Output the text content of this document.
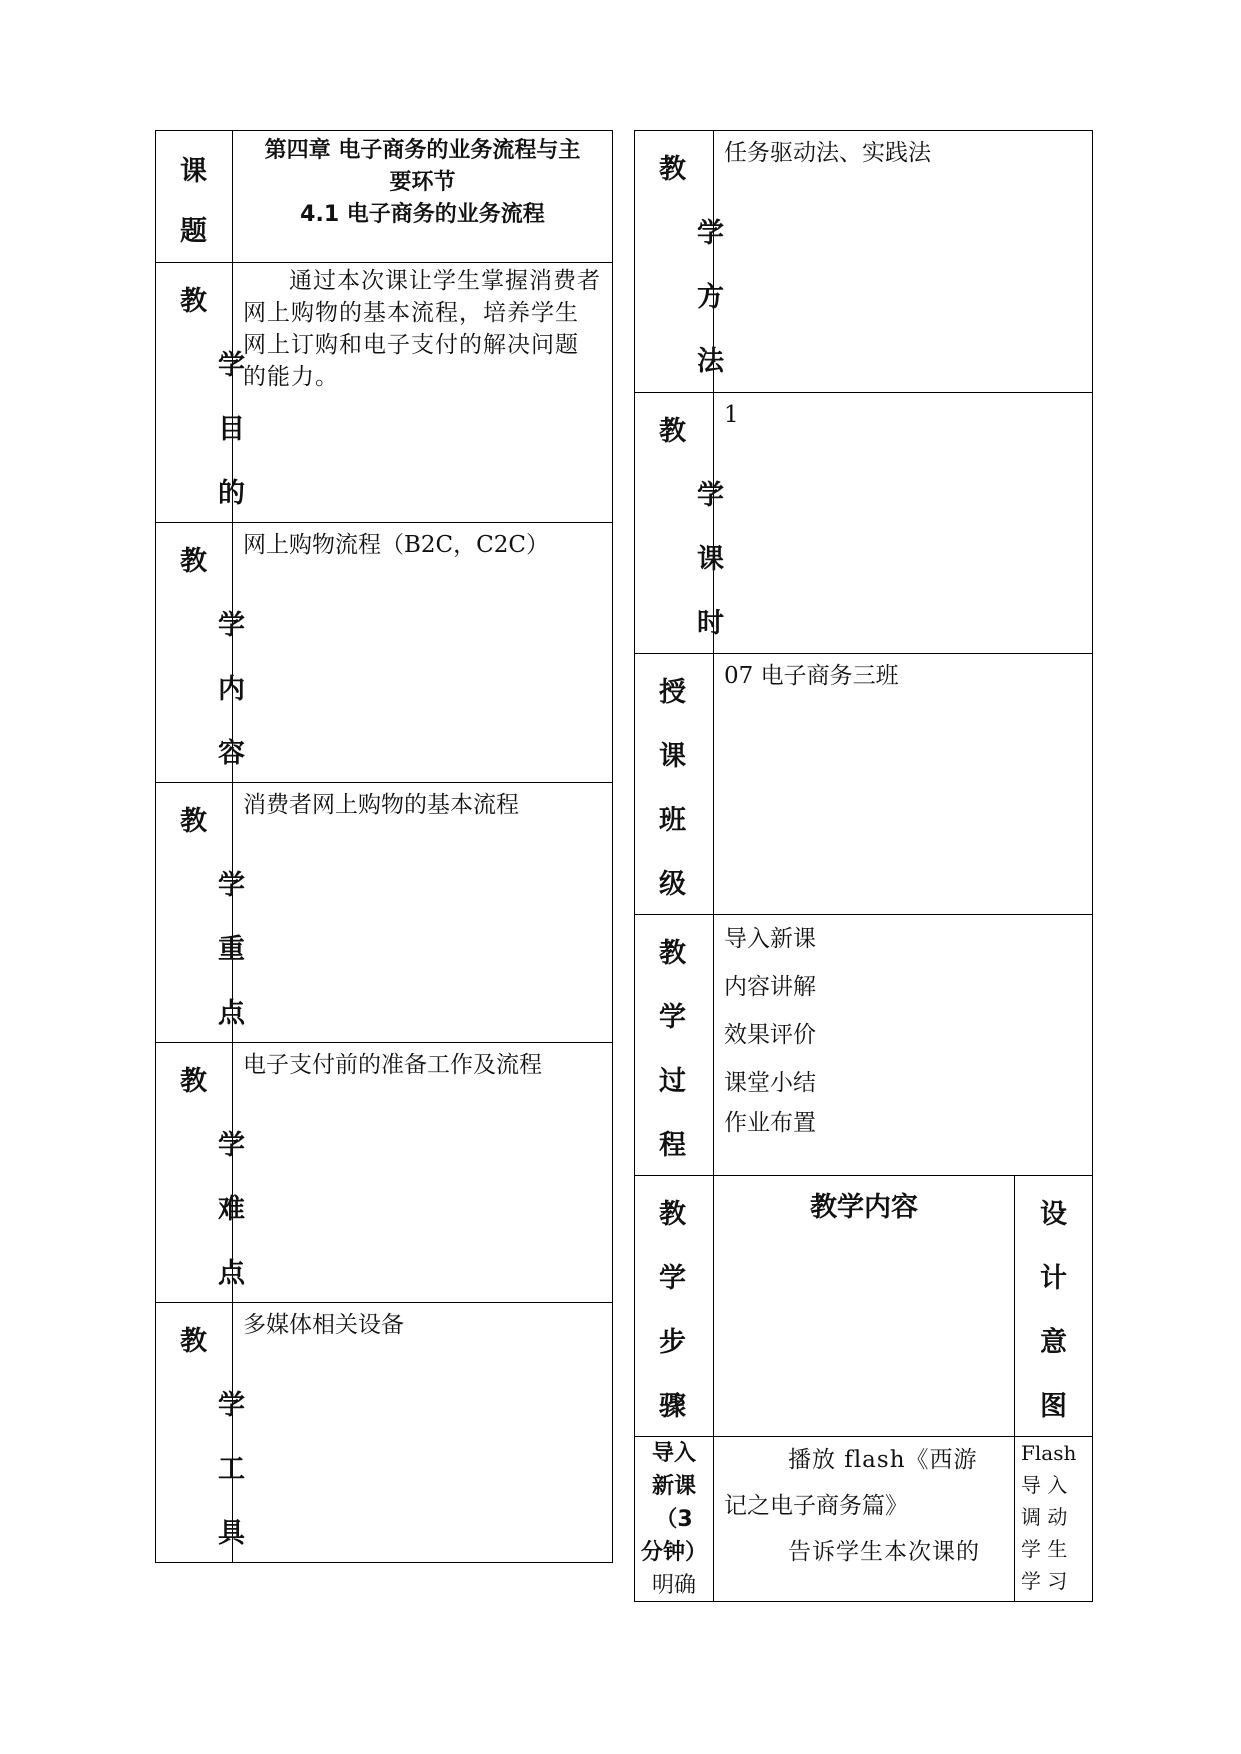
课
题
第四章 电子商务的业务流程与主
要环节
4.1 电子商务的业务流程
教
学
目
的
通过本次课让学生掌握消费者网上购物的基本流程，培养学生网上订购和电子支付的解决问题的能力。
教
学
内
容
网上购物流程（B2C，C2C）
教
学
重
点
消费者网上购物的基本流程
教
学
难
点
电子支付前的准备工作及流程
教
学
工
具
多媒体相关设备
教
学
方
法
任务驱动法、实践法
教
学
课
时
1
授
课
班
级
07 电子商务三班
教
学
过
程
导入新课
内容讲解
效果评价
课堂小结
作业布置
教
学
步
骤
教学内容	设
计
意
图
导入
新课
（3
分钟）
明确
播放 flash《西游
记之电子商务篇》
告诉学生本次课的
Flash
导 入
调 动
学 生
学 习
